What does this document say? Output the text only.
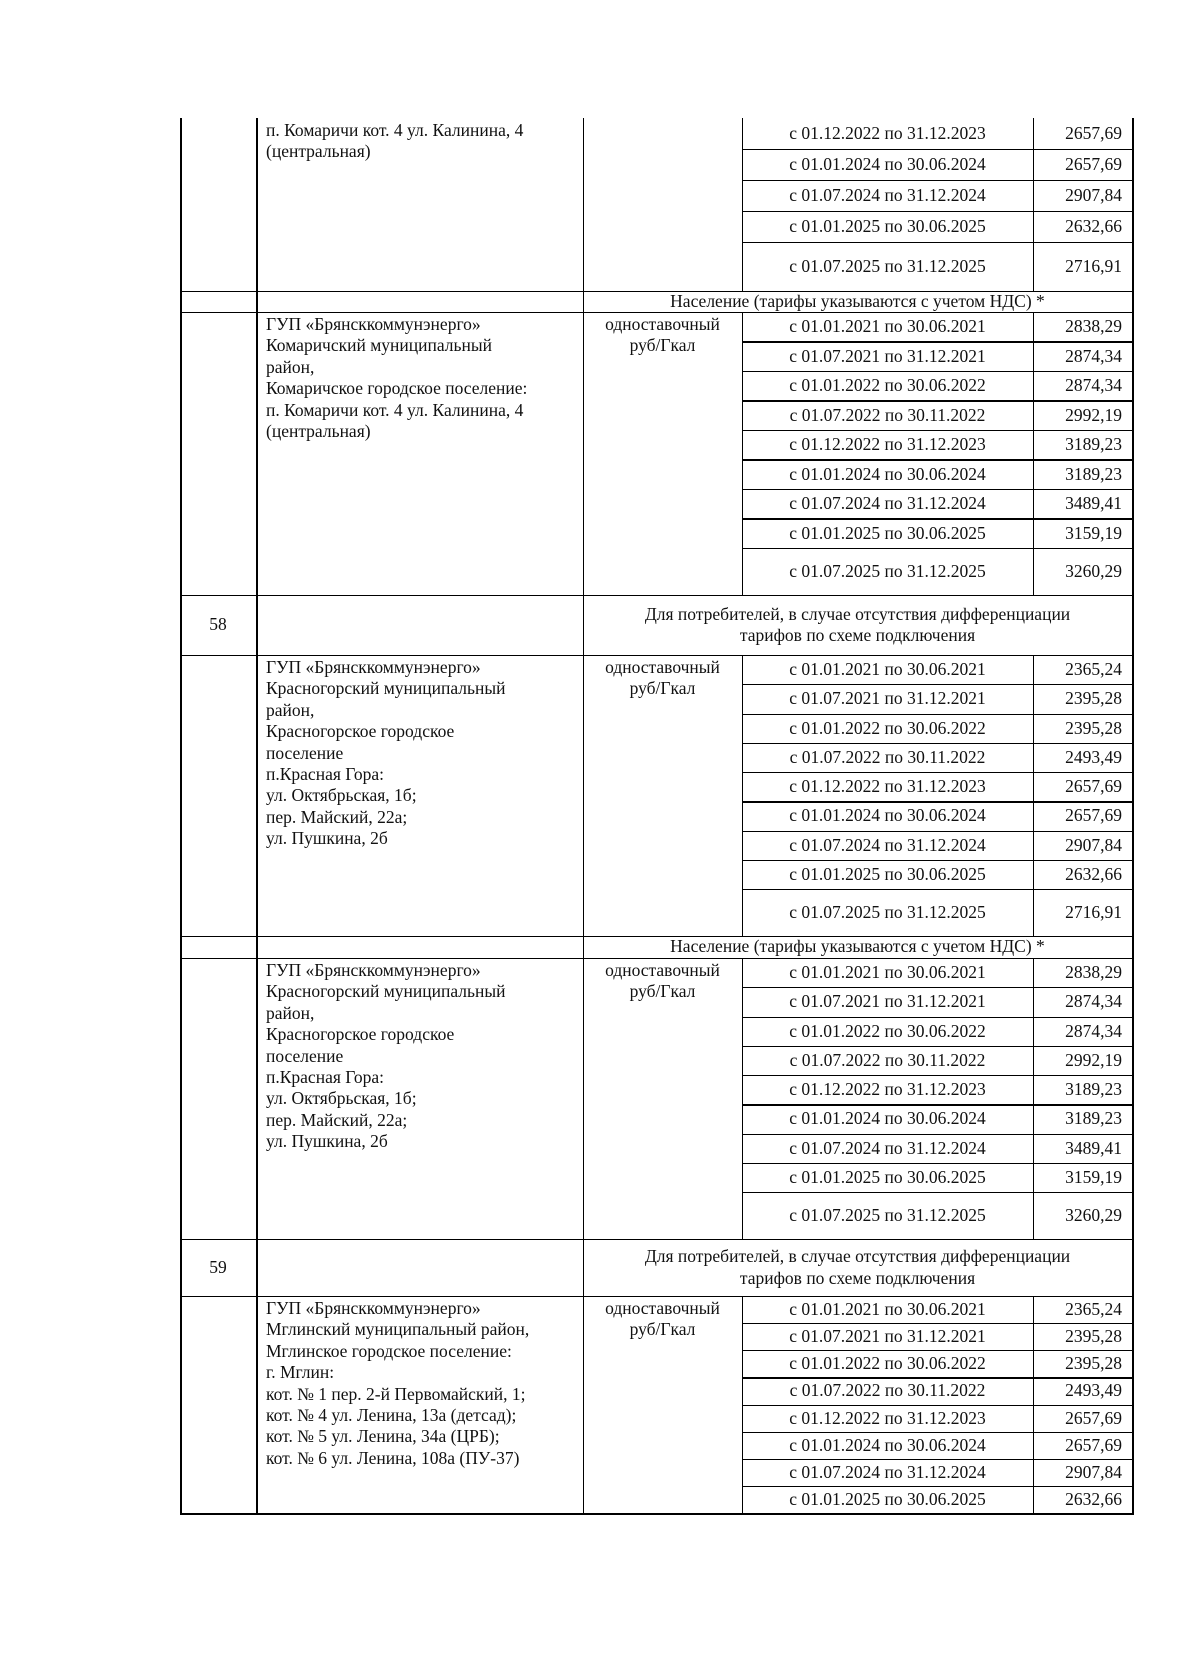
п. Комаричи кот. 4 ул. Калинина, 4
(центральная)
с 01.12.2022 по 31.12.2023	2657,69
с 01.01.2024 по 30.06.2024	2657,69
с 01.07.2024 по 31.12.2024	2907,84
с 01.01.2025 по 30.06.2025	2632,66
с 01.07.2025 по 31.12.2025	2716,91
Население (тарифы указываются с учетом НДС) *
ГУП «Брянсккоммунэнерго»
Комаричский муниципальный
район,
Комаричское городское поселение:
п. Комаричи кот. 4 ул. Калинина, 4
(центральная)
одноставочный
руб/Гкал
с 01.01.2021 по 30.06.2021	2838,29
с 01.07.2021 по 31.12.2021	2874,34
с 01.01.2022 по 30.06.2022	2874,34
с 01.07.2022 по 30.11.2022	2992,19
с 01.12.2022 по 31.12.2023	3189,23
с 01.01.2024 по 30.06.2024	3189,23
с 01.07.2024 по 31.12.2024	3489,41
с 01.01.2025 по 30.06.2025	3159,19
с 01.07.2025 по 31.12.2025	3260,29
58
Для потребителей, в случае отсутствия дифференциации
тарифов по схеме подключения
ГУП «Брянсккоммунэнерго»
Красногорский муниципальный
район,
Красногорское городское
поселение
п.Красная Гора:
ул. Октябрьская, 1б;
пер. Майский, 22а;
ул. Пушкина, 2б
одноставочный
руб/Гкал
с 01.01.2021 по 30.06.2021	2365,24
с 01.07.2021 по 31.12.2021	2395,28
с 01.01.2022 по 30.06.2022	2395,28
с 01.07.2022 по 30.11.2022	2493,49
с 01.12.2022 по 31.12.2023	2657,69
с 01.01.2024 по 30.06.2024	2657,69
с 01.07.2024 по 31.12.2024	2907,84
с 01.01.2025 по 30.06.2025	2632,66
с 01.07.2025 по 31.12.2025	2716,91
Население (тарифы указываются с учетом НДС) *
ГУП «Брянсккоммунэнерго»
Красногорский муниципальный
район,
Красногорское городское
поселение
п.Красная Гора:
ул. Октябрьская, 1б;
пер. Майский, 22а;
ул. Пушкина, 2б
одноставочный
руб/Гкал
с 01.01.2021 по 30.06.2021	2838,29
с 01.07.2021 по 31.12.2021	2874,34
с 01.01.2022 по 30.06.2022	2874,34
с 01.07.2022 по 30.11.2022	2992,19
с 01.12.2022 по 31.12.2023	3189,23
с 01.01.2024 по 30.06.2024	3189,23
с 01.07.2024 по 31.12.2024	3489,41
с 01.01.2025 по 30.06.2025	3159,19
с 01.07.2025 по 31.12.2025	3260,29
59
Для потребителей, в случае отсутствия дифференциации
тарифов по схеме подключения
ГУП «Брянсккоммунэнерго»
Мглинский муниципальный район,
Мглинское городское поселение:
г. Мглин:
кот. № 1 пер. 2-й Первомайский, 1;
кот. № 4 ул. Ленина, 13а (детсад);
кот. № 5 ул. Ленина, 34а (ЦРБ);
кот. № 6 ул. Ленина, 108а (ПУ-37)
одноставочный
руб/Гкал
с 01.01.2021 по 30.06.2021	2365,24
с 01.07.2021 по 31.12.2021	2395,28
с 01.01.2022 по 30.06.2022	2395,28
с 01.07.2022 по 30.11.2022	2493,49
с 01.12.2022 по 31.12.2023	2657,69
с 01.01.2024 по 30.06.2024	2657,69
с 01.07.2024 по 31.12.2024	2907,84
с 01.01.2025 по 30.06.2025	2632,66
